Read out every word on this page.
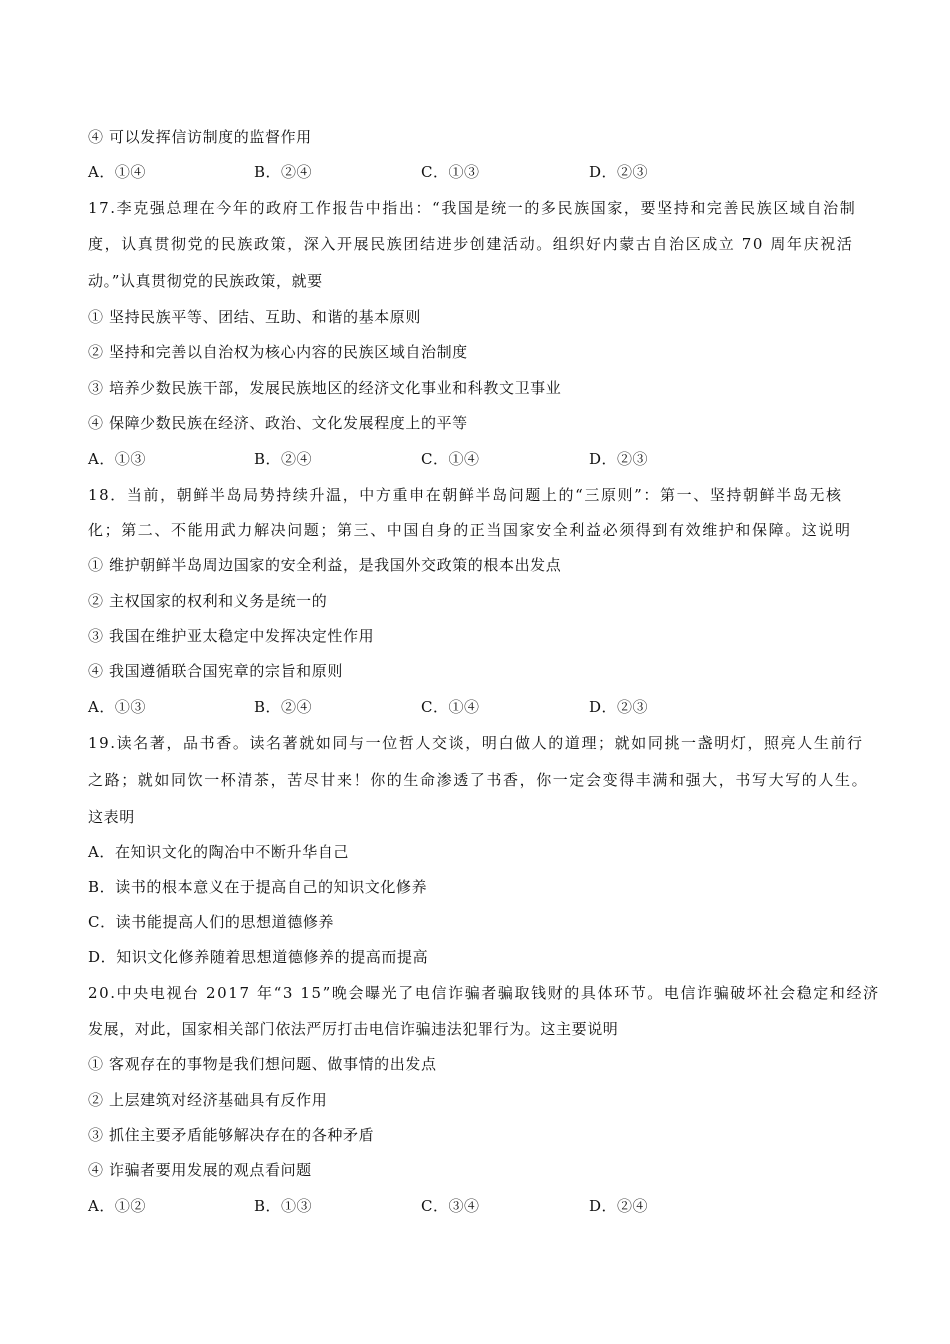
④ 可以发挥信访制度的监督作用
A．①④	B．②④	C．①③	D．②③
17.李克强总理在今年的政府工作报告中指出：“我国是统一的多民族国家，要坚持和完善民族区域自治制
度，认真贯彻党的民族政策，深入开展民族团结进步创建活动。组织好内蒙古自治区成立 70 周年庆祝活
动。”认真贯彻党的民族政策，就要
① 坚持民族平等、团结、互助、和谐的基本原则
② 坚持和完善以自治权为核心内容的民族区域自治制度
③ 培养少数民族干部，发展民族地区的经济文化事业和科教文卫事业
④ 保障少数民族在经济、政治、文化发展程度上的平等
A．①③	B．②④	C．①④	D．②③
18．当前，朝鲜半岛局势持续升温，中方重申在朝鲜半岛问题上的“三原则”：第一、坚持朝鲜半岛无核
化；第二、不能用武力解决问题；第三、中国自身的正当国家安全利益必须得到有效维护和保障。这说明
① 维护朝鲜半岛周边国家的安全利益，是我国外交政策的根本出发点
② 主权国家的权利和义务是统一的
③ 我国在维护亚太稳定中发挥决定性作用
④ 我国遵循联合国宪章的宗旨和原则
A．①③	B．②④	C．①④	D．②③
19.读名著，品书香。读名著就如同与一位哲人交谈，明白做人的道理；就如同挑一盏明灯，照亮人生前行
之路；就如同饮一杯清茶，苦尽甘来！你的生命渗透了书香，你一定会变得丰满和强大，书写大写的人生。
这表明
A．在知识文化的陶冶中不断升华自己
B．读书的根本意义在于提高自己的知识文化修养
C．读书能提高人们的思想道德修养
D．知识文化修养随着思想道德修养的提高而提高
20.中央电视台 2017 年“3 15”晚会曝光了电信诈骗者骗取钱财的具体环节。电信诈骗破坏社会稳定和经济
发展，对此，国家相关部门依法严厉打击电信诈骗违法犯罪行为。这主要说明
① 客观存在的事物是我们想问题、做事情的出发点
② 上层建筑对经济基础具有反作用
③ 抓住主要矛盾能够解决存在的各种矛盾
④ 诈骗者要用发展的观点看问题
A．①②	B．①③	C．③④	D．②④
